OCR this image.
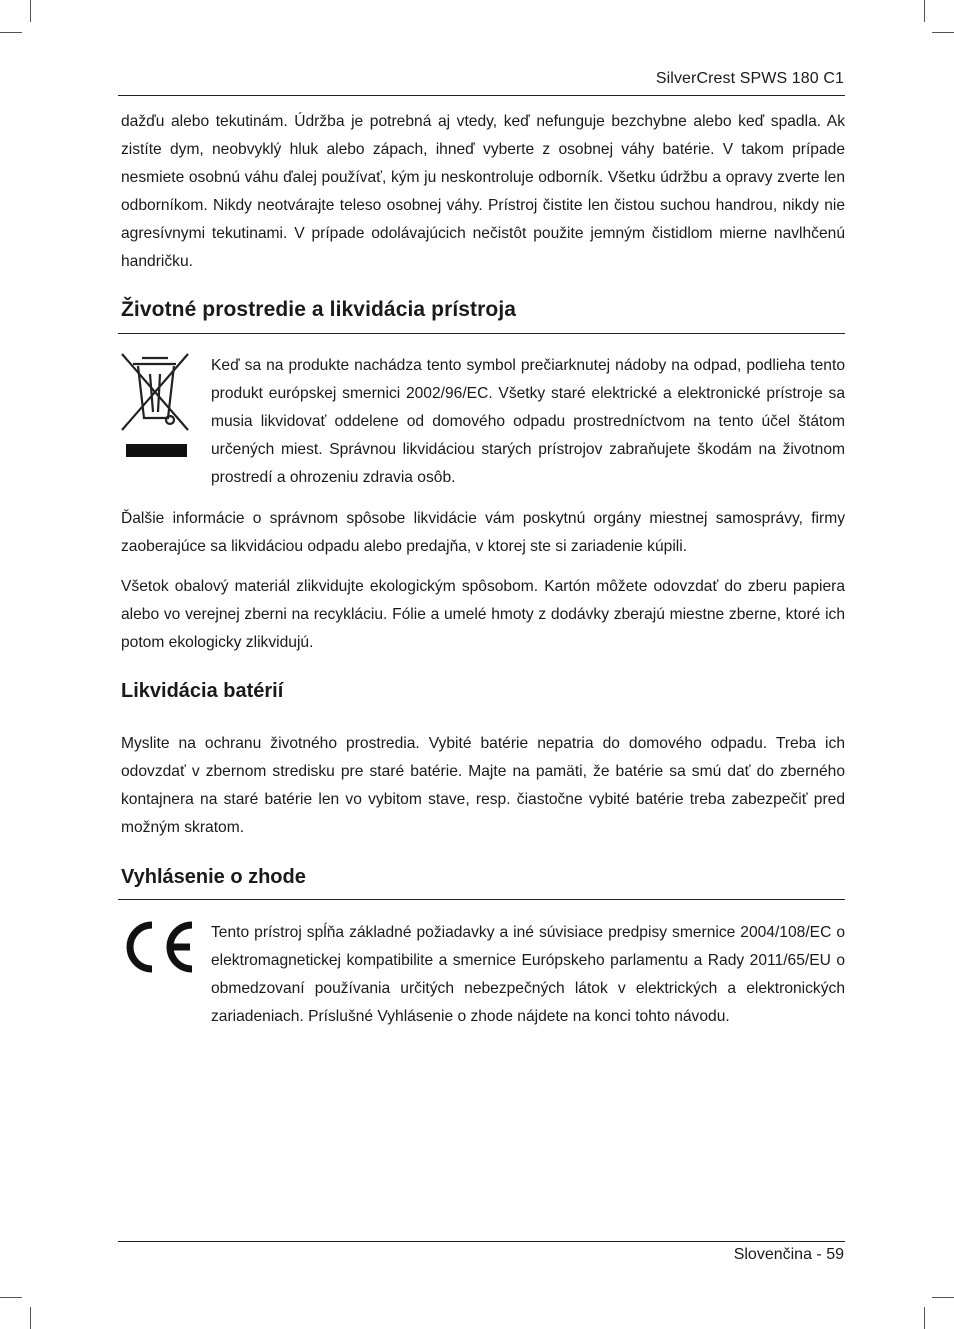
SilverCrest SPWS 180 C1

dažďu alebo tekutinám. Údržba je potrebná aj vtedy, keď nefunguje bezchybne alebo keď spadla. Ak zistíte dym, neobvyklý hluk alebo zápach, ihneď vyberte z osobnej váhy batérie. V takom prípade nesmiete osobnú váhu ďalej používať, kým ju neskontroluje odborník. Všetku údržbu a opravy zverte len odborníkom. Nikdy neotvárajte teleso osobnej váhy. Prístroj čistite len čistou suchou handrou, nikdy nie agresívnymi tekutinami. V prípade odolávajúcich nečistôt použite jemným čistidlom mierne navlhčenú handričku.

Životné prostredie a likvidácia prístroja

Keď sa na produkte nachádza tento symbol prečiarknutej nádoby na odpad, podlieha tento produkt európskej smernici 2002/96/EC. Všetky staré elektrické a elektronické prístroje sa musia likvidovať oddelene od domového odpadu prostredníctvom na tento účel štátom určených miest. Správnou likvidáciou starých prístrojov zabraňujete škodám na životnom prostredí a ohrozeniu zdravia osôb.

Ďalšie informácie o správnom spôsobe likvidácie vám poskytnú orgány miestnej samosprávy, firmy zaoberajúce sa likvidáciou odpadu alebo predajňa, v ktorej ste si zariadenie kúpili.

Všetok obalový materiál zlikvidujte ekologickým spôsobom. Kartón môžete odovzdať do zberu papiera alebo vo verejnej zberni na recykláciu. Fólie a umelé hmoty z dodávky zberajú miestne zberne, ktoré ich potom ekologicky zlikvidujú.

Likvidácia batérií

Myslite na ochranu životného prostredia. Vybité batérie nepatria do domového odpadu. Treba ich odovzdať v zbernom stredisku pre staré batérie. Majte na pamäti, že batérie sa smú dať do zberného kontajnera na staré batérie len vo vybitom stave, resp. čiastočne vybité batérie treba zabezpečiť pred možným skratom.

Vyhlásenie o zhode

Tento prístroj spĺňa základné požiadavky a iné súvisiace predpisy smernice 2004/108/EC o elektromagnetickej kompatibilite a smernice Európskeho parlamentu a Rady 2011/65/EU o obmedzovaní používania určitých nebezpečných látok v elektrických a elektronických zariadeniach. Príslušné Vyhlásenie o zhode nájdete na konci tohto návodu.

Slovenčina - 59
